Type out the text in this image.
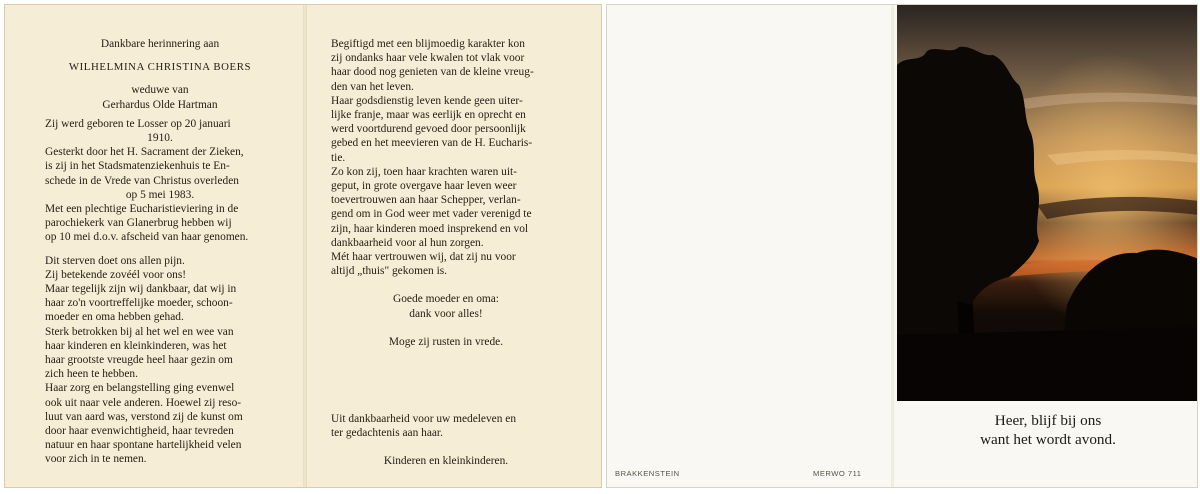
Dankbare herinnering aan

WILHELMINA CHRISTINA BOERS

weduwe van

Gerhardus Olde Hartman

Zij werd geboren te Losser op 20 januari

1910.

Gesterkt door het H. Sacrament der Zieken,

is zij in het Stadsmatenziekenhuis te En-

schede in de Vrede van Christus overleden

op 5 mei 1983.

Met een plechtige Eucharistieviering in de

parochiekerk van Glanerbrug hebben wij

op 10 mei d.o.v. afscheid van haar genomen.

Dit sterven doet ons allen pijn.

Zij betekende zovéél voor ons!

Maar tegelijk zijn wij dankbaar, dat wij in

haar zo'n voortreffelijke moeder, schoon-

moeder en oma hebben gehad.

Sterk betrokken bij al het wel en wee van

haar kinderen en kleinkinderen, was het

haar grootste vreugde heel haar gezin om

zich heen te hebben.

Haar zorg en belangstelling ging evenwel

ook uit naar vele anderen. Hoewel zij reso-

luut van aard was, verstond zij de kunst om

door haar evenwichtigheid, haar tevreden

natuur en haar spontane hartelijkheid velen

voor zich in te nemen.

Begiftigd met een blijmoedig karakter kon

zij ondanks haar vele kwalen tot vlak voor

haar dood nog genieten van de kleine vreug-

den van het leven.

Haar godsdienstig leven kende geen uiter-

lijke franje, maar was eerlijk en oprecht en

werd voortdurend gevoed door persoonlijk

gebed en het meevieren van de H. Eucharis-

tie.

Zo kon zij, toen haar krachten waren uit-

geput, in grote overgave haar leven weer

toevertrouwen aan haar Schepper, verlan-

gend om in God weer met vader verenigd te

zijn, haar kinderen moed insprekend en vol

dankbaarheid voor al hun zorgen.

Mét haar vertrouwen wij, dat zij nu voor

altijd „thuis" gekomen is.

Goede moeder en oma:

dank voor alles!

Moge zij rusten in vrede.

Uit dankbaarheid voor uw medeleven en

ter gedachtenis aan haar.

Kinderen en kleinkinderen.

Heer, blijf bij ons
want het wordt avond.
BRAKKENSTEIN	MERWO 711
